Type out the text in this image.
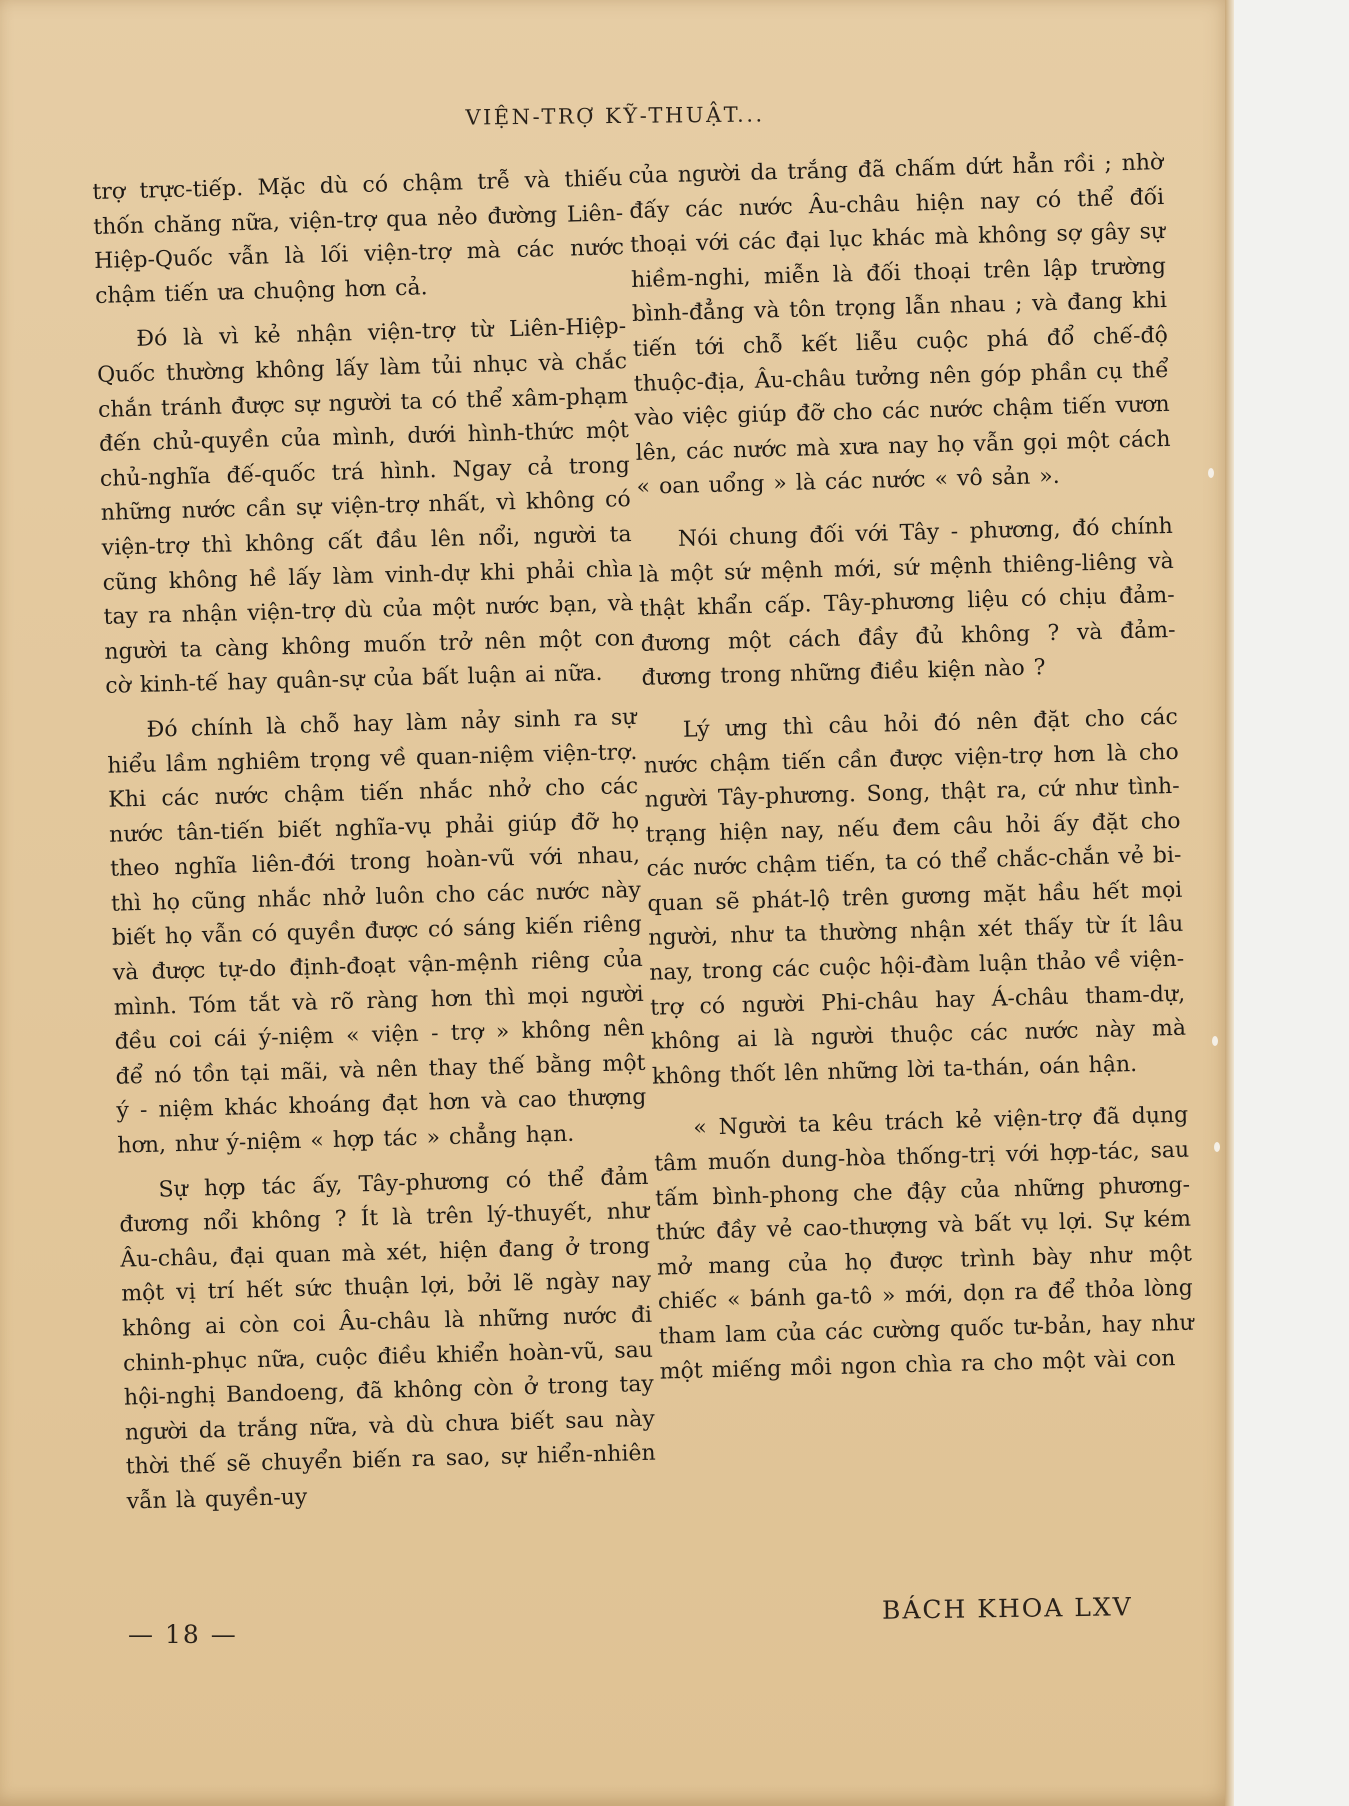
VIỆN-TRỢ KỸ-THUẬT...

trợ trực-tiếp. Mặc dù có chậm trễ và thiếu thốn chăng nữa, viện-trợ qua nẻo đường Liên-Hiệp-Quốc vẫn là lối viện-trợ mà các nước chậm tiến ưa chuộng hơn cả.

Đó là vì kẻ nhận viện-trợ từ Liên-Hiệp-Quốc thường không lấy làm tủi nhục và chắc chắn tránh được sự người ta có thể xâm-phạm đến chủ-quyền của mình, dưới hình-thức một chủ-nghĩa đế-quốc trá hình. Ngay cả trong những nước cần sự viện-trợ nhất, vì không có viện-trợ thì không cất đầu lên nổi, người ta cũng không hề lấy làm vinh-dự khi phải chìa tay ra nhận viện-trợ dù của một nước bạn, và người ta càng không muốn trở nên một con cờ kinh-tế hay quân-sự của bất luận ai nữa.

Đó chính là chỗ hay làm nảy sinh ra sự hiểu lầm nghiêm trọng về quan-niệm viện-trợ. Khi các nước chậm tiến nhắc nhở cho các nước tân-tiến biết nghĩa-vụ phải giúp đỡ họ theo nghĩa liên-đới trong hoàn-vũ với nhau, thì họ cũng nhắc nhở luôn cho các nước này biết họ vẫn có quyền được có sáng kiến riêng và được tự-do định-đoạt vận-mệnh riêng của mình. Tóm tắt và rõ ràng hơn thì mọi người đều coi cái ý-niệm « viện - trợ » không nên để nó tồn tại mãi, và nên thay thế bằng một ý - niệm khác khoáng đạt hơn và cao thượng hơn, như ý-niệm « hợp tác » chẳng hạn.

Sự hợp tác ấy, Tây-phương có thể đảm đương nổi không ? Ít là trên lý-thuyết, như Âu-châu, đại quan mà xét, hiện đang ở trong một vị trí hết sức thuận lợi, bởi lẽ ngày nay không ai còn coi Âu-châu là những nước đi chinh-phục nữa, cuộc điều khiển hoàn-vũ, sau hội-nghị Bandoeng, đã không còn ở trong tay người da trắng nữa, và dù chưa biết sau này thời thế sẽ chuyển biến ra sao, sự hiển-nhiên vẫn là quyền-uy

của người da trắng đã chấm dứt hẳn rồi ; nhờ đấy các nước Âu-châu hiện nay có thể đối thoại với các đại lục khác mà không sợ gây sự hiềm-nghi, miễn là đối thoại trên lập trường bình-đẳng và tôn trọng lẫn nhau ; và đang khi tiến tới chỗ kết liễu cuộc phá đổ chế-độ thuộc-địa, Âu-châu tưởng nên góp phần cụ thể vào việc giúp đỡ cho các nước chậm tiến vươn lên, các nước mà xưa nay họ vẫn gọi một cách « oan uổng » là các nước « vô sản ».

Nói chung đối với Tây - phương, đó chính là một sứ mệnh mới, sứ mệnh thiêng-liêng và thật khẩn cấp. Tây-phương liệu có chịu đảm-đương một cách đầy đủ không ? và đảm-đương trong những điều kiện nào ?

Lý ưng thì câu hỏi đó nên đặt cho các nước chậm tiến cần được viện-trợ hơn là cho người Tây-phương. Song, thật ra, cứ như tình-trạng hiện nay, nếu đem câu hỏi ấy đặt cho các nước chậm tiến, ta có thể chắc-chắn vẻ bi-quan sẽ phát-lộ trên gương mặt hầu hết mọi người, như ta thường nhận xét thấy từ ít lâu nay, trong các cuộc hội-đàm luận thảo về viện-trợ có người Phi-châu hay Á-châu tham-dự, không ai là người thuộc các nước này mà không thốt lên những lời ta-thán, oán hận.

« Người ta kêu trách kẻ viện-trợ đã dụng tâm muốn dung-hòa thống-trị với hợp-tác, sau tấm bình-phong che đậy của những phương-thức đầy vẻ cao-thượng và bất vụ lợi. Sự kém mở mang của họ được trình bày như một chiếc « bánh ga-tô » mới, dọn ra để thỏa lòng tham lam của các cường quốc tư-bản, hay như một miếng mồi ngon chìa ra cho một vài con

— 18 —
BÁCH KHOA LXV
